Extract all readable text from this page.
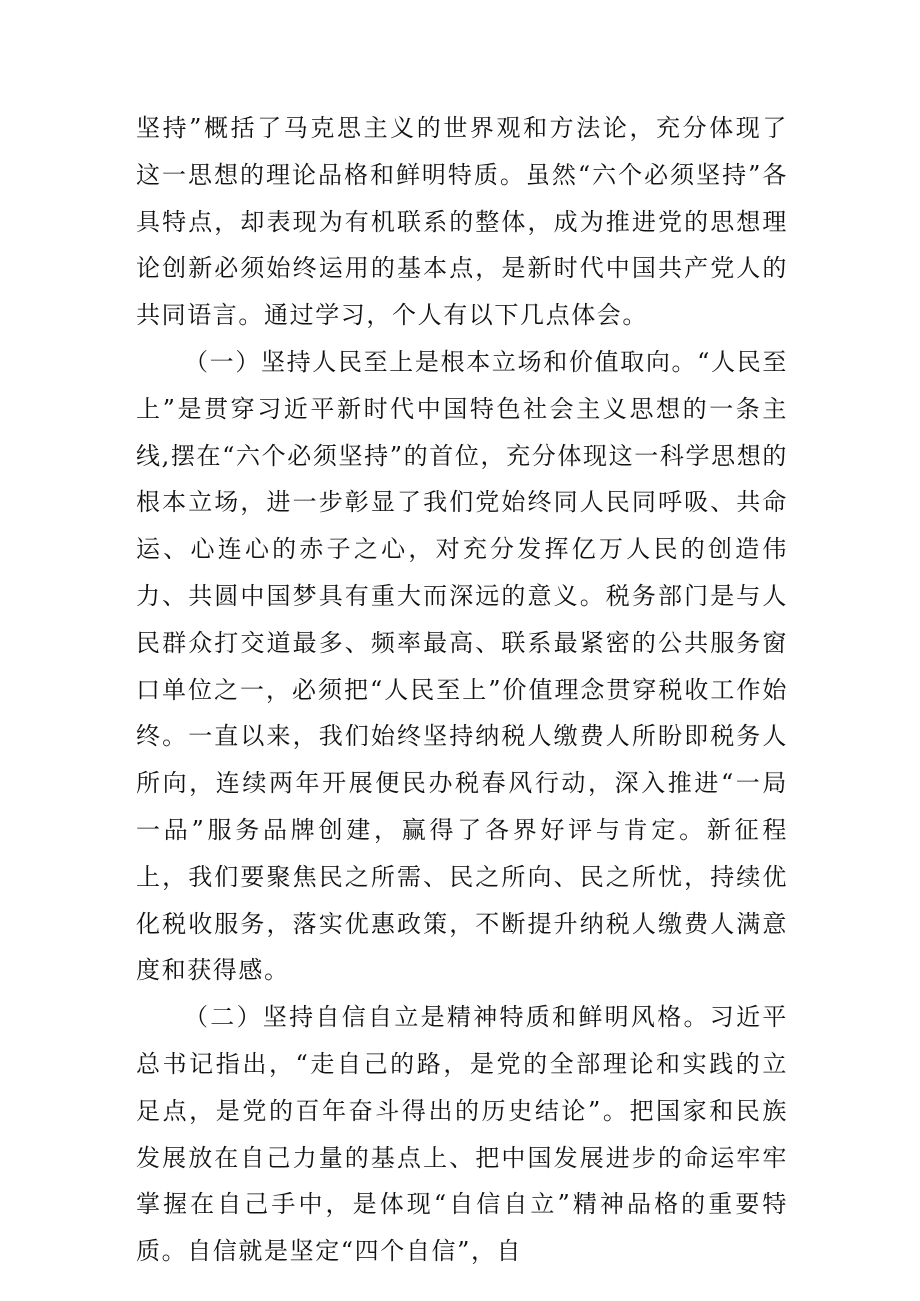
坚持”概括了马克思主义的世界观和方法论，充分体现了这一思想的理论品格和鲜明特质。虽然“六个必须坚持”各具特点，却表现为有机联系的整体，成为推进党的思想理论创新必须始终运用的基本点，是新时代中国共产党人的共同语言。通过学习，个人有以下几点体会。

（一）坚持人民至上是根本立场和价值取向。“人民至上”是贯穿习近平新时代中国特色社会主义思想的一条主线,摆在“六个必须坚持”的首位，充分体现这一科学思想的根本立场，进一步彰显了我们党始终同人民同呼吸、共命运、心连心的赤子之心，对充分发挥亿万人民的创造伟力、共圆中国梦具有重大而深远的意义。税务部门是与人民群众打交道最多、频率最高、联系最紧密的公共服务窗口单位之一，必须把“人民至上”价值理念贯穿税收工作始终。一直以来，我们始终坚持纳税人缴费人所盼即税务人所向，连续两年开展便民办税春风行动，深入推进“一局一品”服务品牌创建，赢得了各界好评与肯定。新征程上，我们要聚焦民之所需、民之所向、民之所忧，持续优化税收服务，落实优惠政策，不断提升纳税人缴费人满意度和获得感。

（二）坚持自信自立是精神特质和鲜明风格。习近平总书记指出，“走自己的路，是党的全部理论和实践的立足点，是党的百年奋斗得出的历史结论”。把国家和民族发展放在自己力量的基点上、把中国发展进步的命运牢牢掌握在自己手中，是体现“自信自立”精神品格的重要特质。自信就是坚定“四个自信”，自
